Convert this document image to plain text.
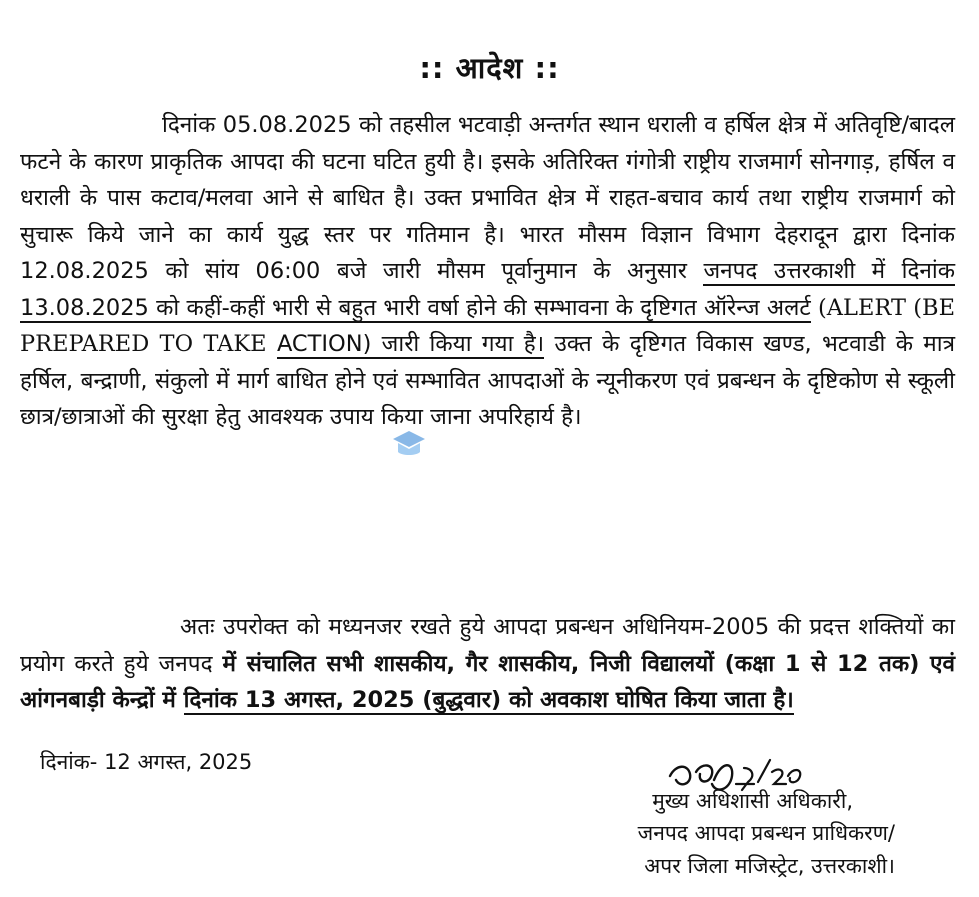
:: आदेश ::

दिनांक 05.08.2025 को तहसील भटवाड़ी अन्तर्गत स्थान धराली व हर्षिल क्षेत्र में अतिवृष्टि/बादल फटने के कारण प्राकृतिक आपदा की घटना घटित हुयी है। इसके अतिरिक्त गंगोत्री राष्ट्रीय राजमार्ग सोनगाड़, हर्षिल व धराली के पास कटाव/मलवा आने से बाधित है। उक्त प्रभावित क्षेत्र में राहत-बचाव कार्य तथा राष्ट्रीय राजमार्ग को सुचारू किये जाने का कार्य युद्ध स्तर पर गतिमान है। भारत मौसम विज्ञान विभाग देहरादून द्वारा दिनांक 12.08.2025 को सांय 06:00 बजे जारी मौसम पूर्वानुमान के अनुसार जनपद उत्तरकाशी में दिनांक 13.08.2025 को कहीं-कहीं भारी से बहुत भारी वर्षा होने की सम्भावना के दृष्टिगत ऑरेन्ज अलर्ट (ALERT (BE PREPARED TO TAKE ACTION) जारी किया गया है। उक्त के दृष्टिगत विकास खण्ड, भटवाडी के मात्र हर्षिल, बन्द्राणी, संकुलो में मार्ग बाधित होने एवं सम्भावित आपदाओं के न्यूनीकरण एवं प्रबन्धन के दृष्टिकोण से स्कूली छात्र/छात्राओं की सुरक्षा हेतु आवश्यक उपाय किया जाना अपरिहार्य है।

अतः उपरोक्त को मध्यनजर रखते हुये आपदा प्रबन्धन अधिनियम-2005 की प्रदत्त शक्तियों का प्रयोग करते हुये जनपद में संचालित सभी शासकीय, गैर शासकीय, निजी विद्यालयों (कक्षा 1 से 12 तक) एवं आंगनबाड़ी केन्द्रों में दिनांक 13 अगस्त, 2025 (बुद्धवार) को अवकाश घोषित किया जाता है।

दिनांक- 12 अगस्त, 2025
मुख्य अधिशासी अधिकारी,
जनपद आपदा प्रबन्धन प्राधिकरण/
अपर जिला मजिस्ट्रेट, उत्तरकाशी।
